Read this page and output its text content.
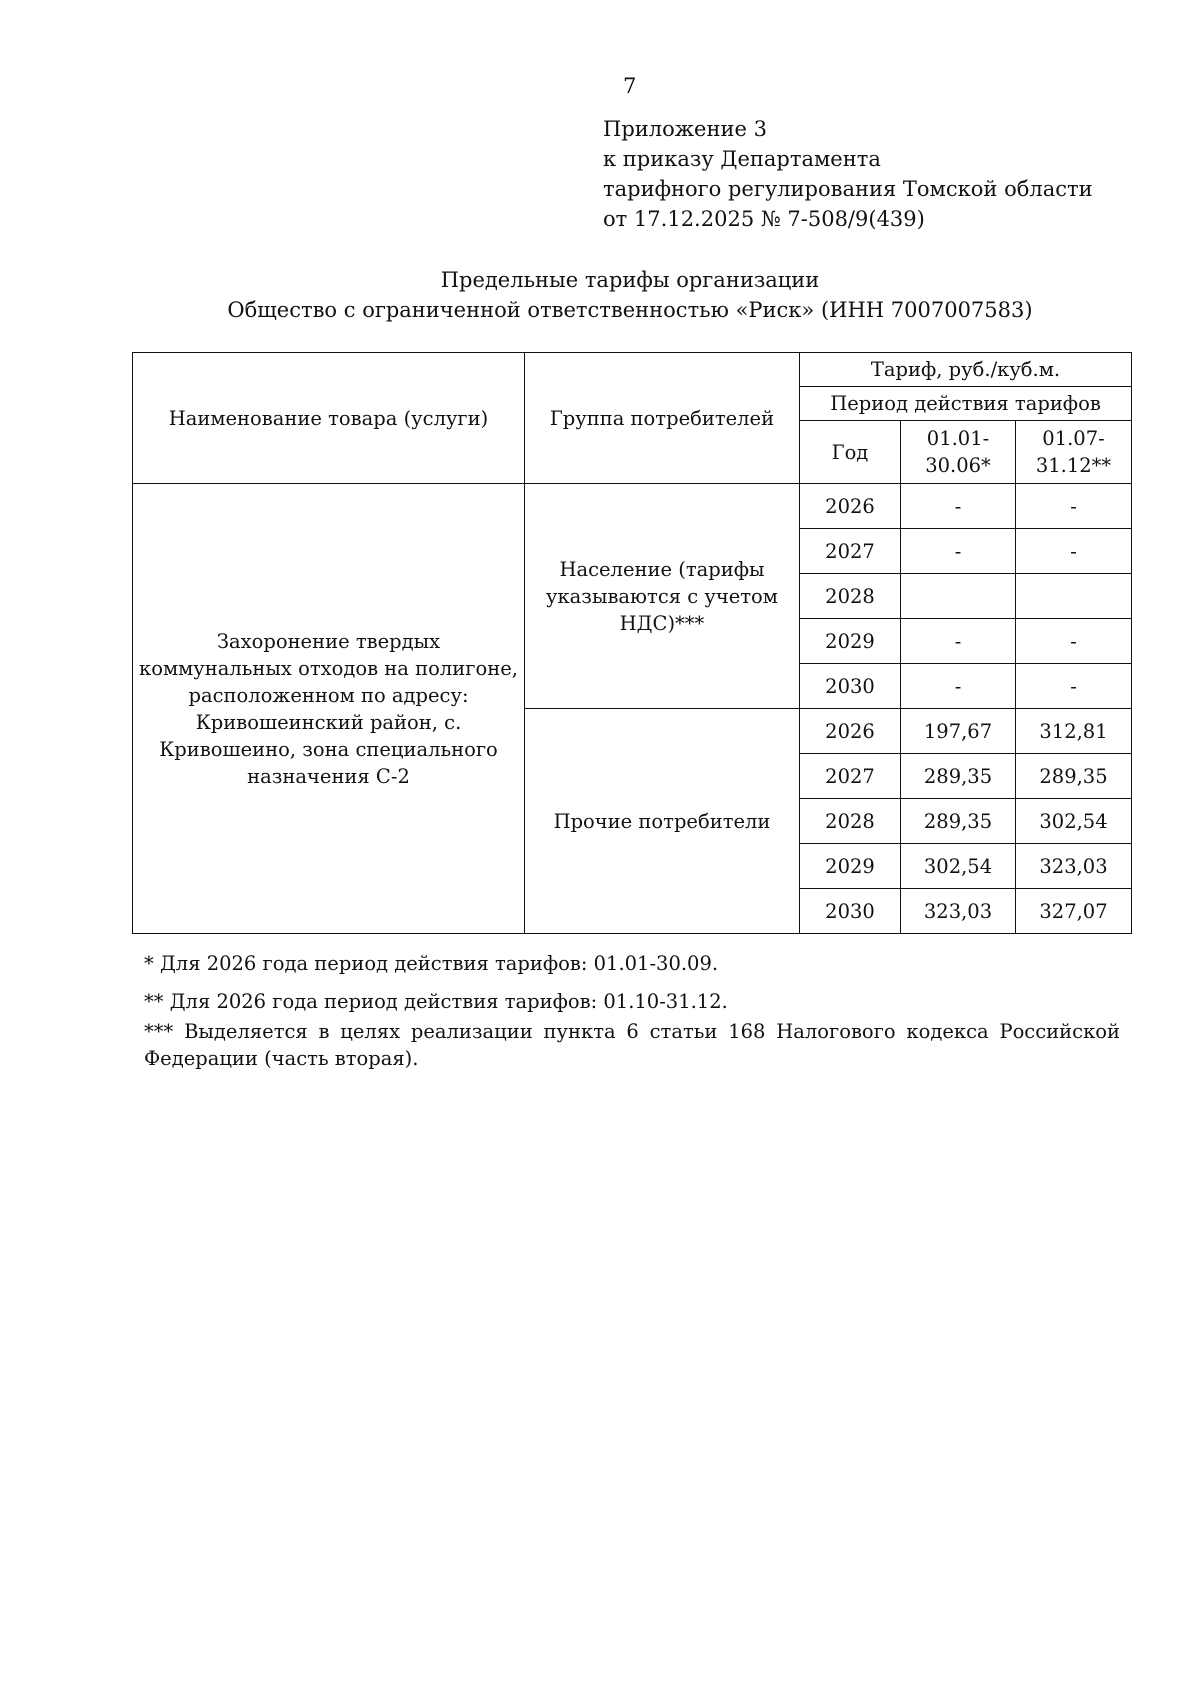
7
Приложение 3
к приказу Департамента
тарифного регулирования Томской области
от 17.12.2025 № 7-508/9(439)
Предельные тарифы организации
Общество с ограниченной ответственностью «Риск» (ИНН 7007007583)
Наименование товара (услуги)	Группа потребителей	Тариф, руб./куб.м.		
		Период действия тарифов		
		Год	01.01-30.06*	01.07-31.12**
Захоронение твердых коммунальных отходов на полигоне, расположенном по адресу: Кривошеинский район, с. Кривошеино, зона специального назначения С-2	Население (тарифы указываются с учетом НДС)***	2026	-	-
		2027	-	-
		2028		
		2029	-	-
		2030	-	-
	Прочие потребители	2026	197,67	312,81
		2027	289,35	289,35
		2028	289,35	302,54
		2029	302,54	323,03
		2030	323,03	327,07

* Для 2026 года период действия тарифов: 01.01-30.09.

** Для 2026 года период действия тарифов: 01.10-31.12.

*** Выделяется в целях реализации пункта 6 статьи 168 Налогового кодекса Российской Федерации (часть вторая).
